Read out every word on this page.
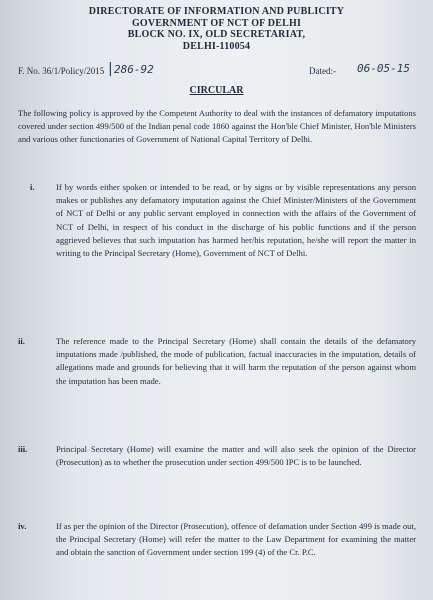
DIRECTORATE OF INFORMATION AND PUBLICITY
GOVERNMENT OF NCT OF DELHI
BLOCK NO. IX, OLD SECRETARIAT,
DELHI-110054
F. No. 36/1/Policy/2015 | 286-92	Dated:- 06-05-15
CIRCULAR
The following policy is approved by the Competent Authority to deal with the instances of defamatory imputations covered under section 499/500 of the Indian penal code 1860 against the Hon'ble Chief Minister, Hon'ble Ministers and various other functionaries of Government of National Capital Territory of Delhi.
i.	If by words either spoken or intended to be read, or by signs or by visible representations any person makes or publishes any defamatory imputation against the Chief Minister/Ministers of the Government of NCT of Delhi or any public servant employed in connection with the affairs of the Government of NCT of Delhi, in respect of his conduct in the discharge of his public functions and if the person aggrieved believes that such imputation has harmed her/his reputation, he/she will report the matter in writing to the Principal Secretary (Home), Government of NCT of Delhi.
ii.	The reference made to the Principal Secretary (Home) shall contain the details of the defamatory imputations made /published, the mode of publication, factual inaccuracies in the imputation, details of allegations made and grounds for believing that it will harm the reputation of the person against whom the imputation has been made.
iii.	Principal Secretary (Home) will examine the matter and will also seek the opinion of the Director (Prosecution) as to whether the prosecution under section 499/500 IPC is to be launched.
iv.	If as per the opinion of the Director (Prosecution), offence of defamation under Section 499 is made out, the Principal Secretary (Home) will refer the matter to the Law Department for examining the matter and obtain the sanction of Government under section 199 (4) of the Cr. P.C.
